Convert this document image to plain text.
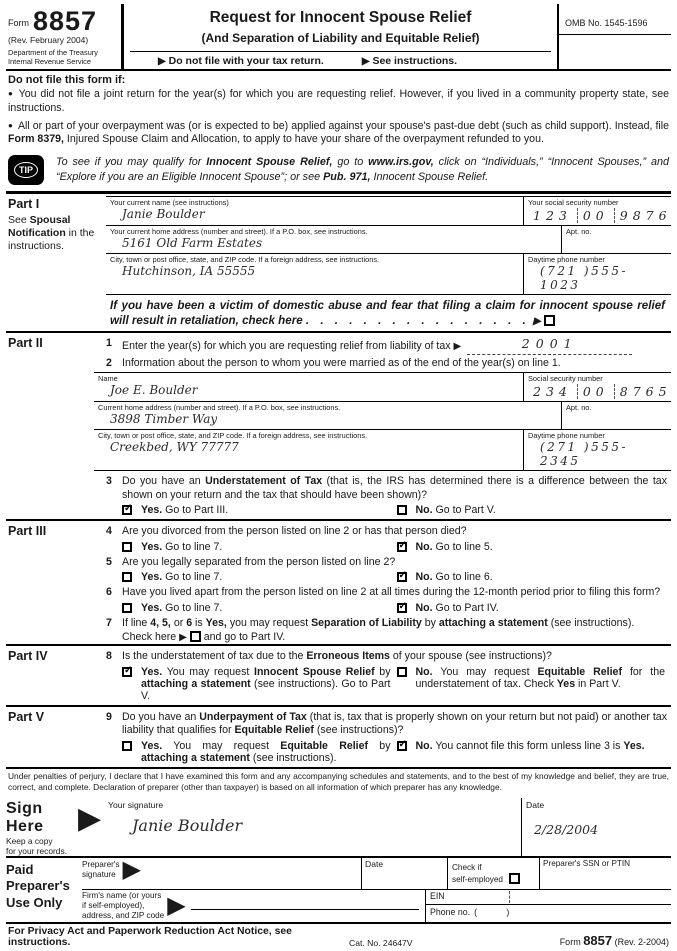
Form 8857
(Rev. February 2004)
Department of the Treasury
Internal Revenue Service
Request for Innocent Spouse Relief
(And Separation of Liability and Equitable Relief)
▶ Do not file with your tax return.	▶ See instructions.
OMB No. 1545-1596
Do not file this form if:

● You did not file a joint return for the year(s) for which you are requesting relief. However, if you lived in a community property state, see instructions.

● All or part of your overpayment was (or is expected to be) applied against your spouse's past-due debt (such as child support). Instead, file Form 8379, Injured Spouse Claim and Allocation, to apply to have your share of the overpayment refunded to you.

TIP
To see if you may qualify for Innocent Spouse Relief, go to www.irs.gov, click on “Individuals,” “Innocent Spouses,” and “Explore if you are an Eligible Innocent Spouse”; or see Pub. 971, Innocent Spouse Relief.
Part I
See Spousal Notification in the instructions.
Your current name (see instructions)
Janie Boulder
Your social security number
123 00 9876
Your current home address (number and street). If a P.O. box, see instructions.
5161 Old Farm Estates
Apt. no.
City, town or post office, state, and ZIP code. If a foreign address, see instructions.
Hutchinson, IA 55555
Daytime phone number
(721 )555-1023
If you have been a victim of domestic abuse and fear that filing a claim for innocent spouse relief will result in retaliation, check here . . . . . . . . . . . . . . . . ▶
Part II	1 Enter the year(s) for which you are requesting relief from liability of tax ▶	2001
2 Information about the person to whom you were married as of the end of the year(s) on line 1.
Name
Joe E. Boulder
Social security number
234 00 8765
Current home address (number and street). If a P.O. box, see instructions.
3898 Timber Way
Apt. no.
City, town or post office, state, and ZIP code. If a foreign address, see instructions.
Creekbed, WY 77777
Daytime phone number
(271 )555-2345
3 Do you have an Understatement of Tax (that is, the IRS has determined there is a difference between the tax shown on your return and the tax that should have been shown)?
✓
Yes. Go to Part III.	No. Go to Part V.
Part III	4 Are you divorced from the person listed on line 2 or has that person died?
Yes. Go to line 7. ✓	No. Go to line 5.
5 Are you legally separated from the person listed on line 2?
Yes. Go to line 7. ✓	No. Go to line 6.
6 Have you lived apart from the person listed on line 2 at all times during the 12-month period prior to filing this form?
Yes. Go to line 7. ✓	No. Go to Part IV.
7 If line 4, 5, or 6 is Yes, you may request Separation of Liability by attaching a statement (see instructions).
Check here ▶ and go to Part IV.
Part IV	8 Is the understatement of tax due to the Erroneous Items of your spouse (see instructions)?
✓
Yes. You may request Innocent Spouse Relief by attaching a statement (see instructions). Go to Part V.
No. You may request Equitable Relief for the understatement of tax. Check Yes in Part V.
Part V	9 Do you have an Underpayment of Tax (that is, tax that is properly shown on your return but not paid) or another tax liability that qualifies for Equitable Relief (see instructions)?
Yes. You may request Equitable Relief by attaching a statement (see instructions).
✓
No. You cannot file this form unless line 3 is Yes.
Under penalties of perjury, I declare that I have examined this form and any accompanying schedules and statements, and to the best of my knowledge and belief, they are true, correct, and complete. Declaration of preparer (other than taxpayer) is based on all information of which preparer has any knowledge.
Sign Here
Keep a copy
for your records.
▶ Your signature
Janie Boulder
Date
2/28/2004
Paid
Preparer's
Use Only
Preparer's
signature ▶	Date	Check if
self-employed
Preparer's SSN or PTIN
Firm's name (or yours
if self-employed),
address, and ZIP code ▶	EIN
Phone no. (            )
For Privacy Act and Paperwork Reduction Act Notice, see instructions.	Cat. No. 24647V	Form 8857 (Rev. 2-2004)
